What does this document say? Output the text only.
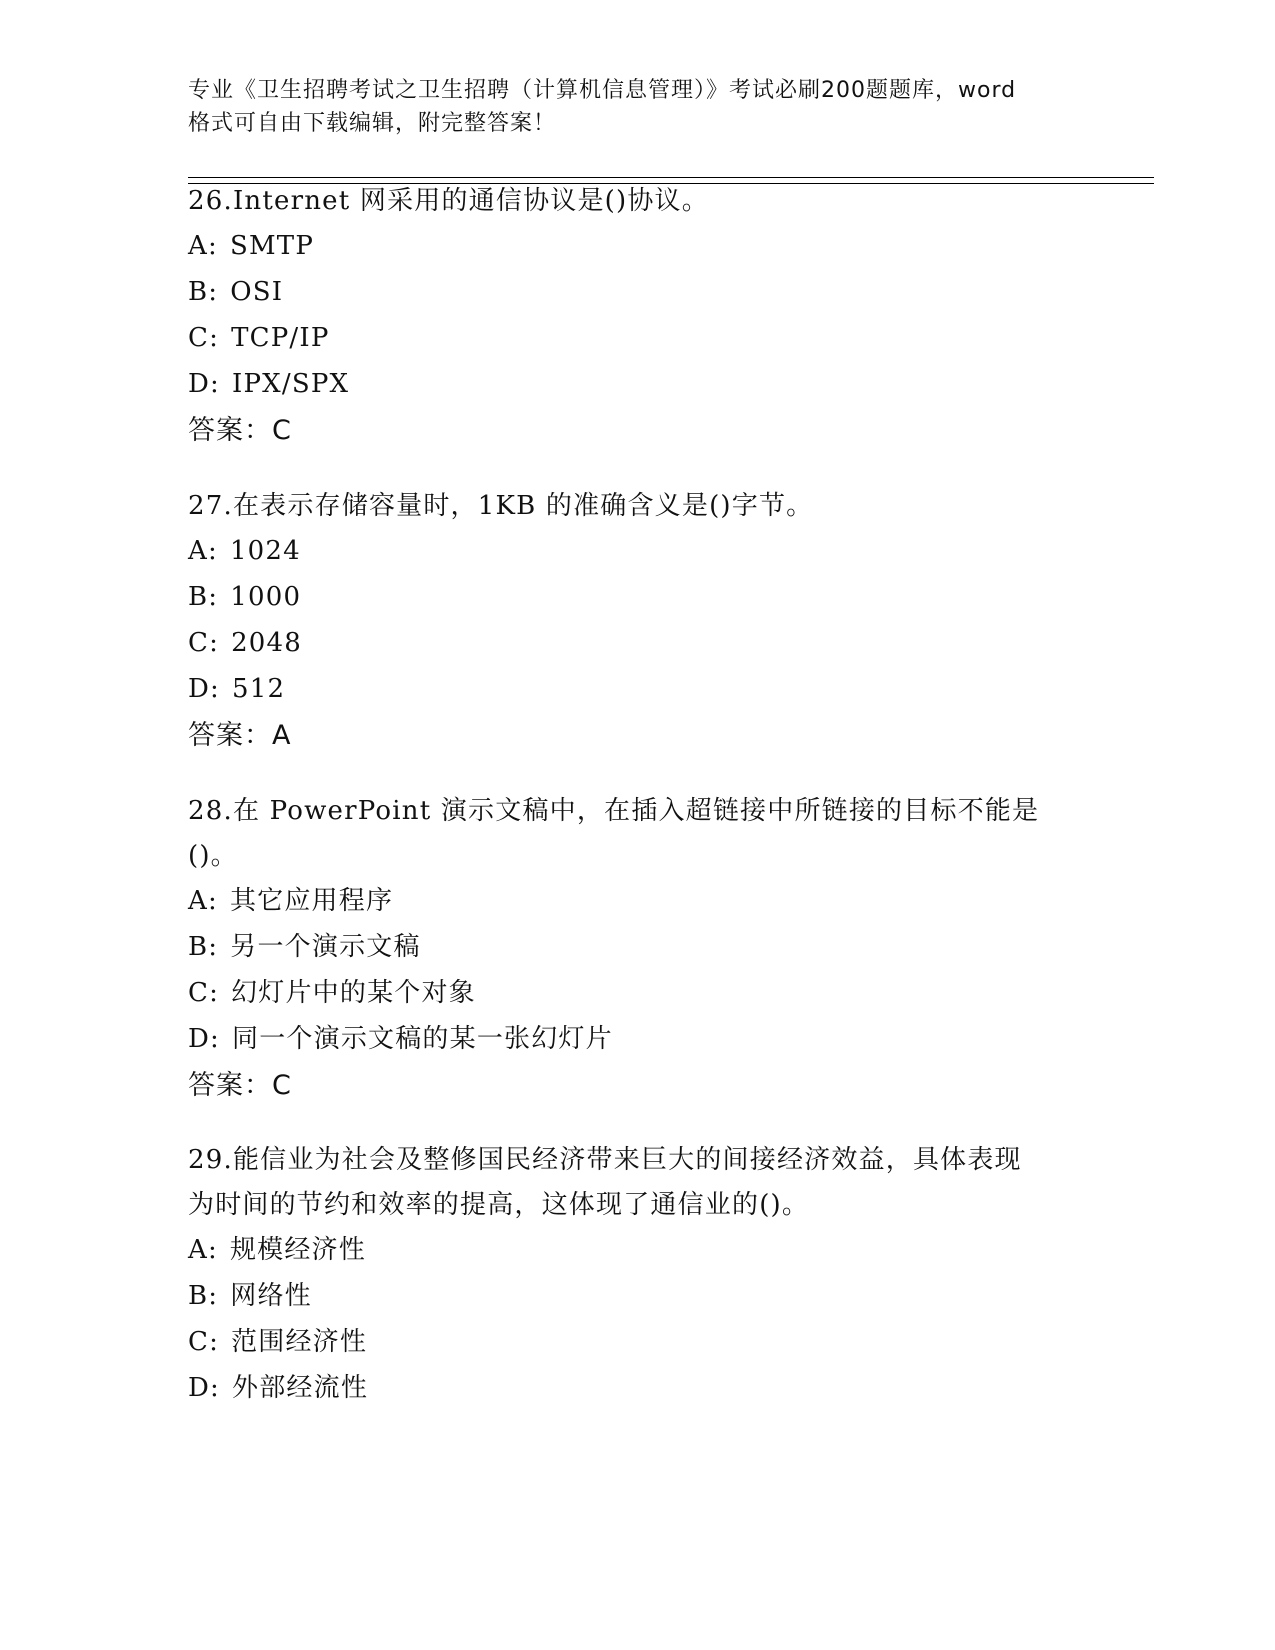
专业《卫生招聘考试之卫生招聘（计算机信息管理）》考试必刷200题题库，word
格式可自由下载编辑，附完整答案！

26.Internet 网采用的通信协议是()协议。

A: SMTP

B: OSI

C: TCP/IP

D: IPX/SPX

答案：C

27.在表示存储容量时，1KB 的准确含义是()字节。

A: 1024

B: 1000

C: 2048

D: 512

答案：A

28.在 PowerPoint 演示文稿中，在插入超链接中所链接的目标不能是

()。

A: 其它应用程序

B: 另一个演示文稿

C: 幻灯片中的某个对象

D: 同一个演示文稿的某一张幻灯片

答案：C

29.能信业为社会及整修国民经济带来巨大的间接经济效益，具体表现

为时间的节约和效率的提高，这体现了通信业的()。

A: 规模经济性

B: 网络性

C: 范围经济性

D: 外部经流性
